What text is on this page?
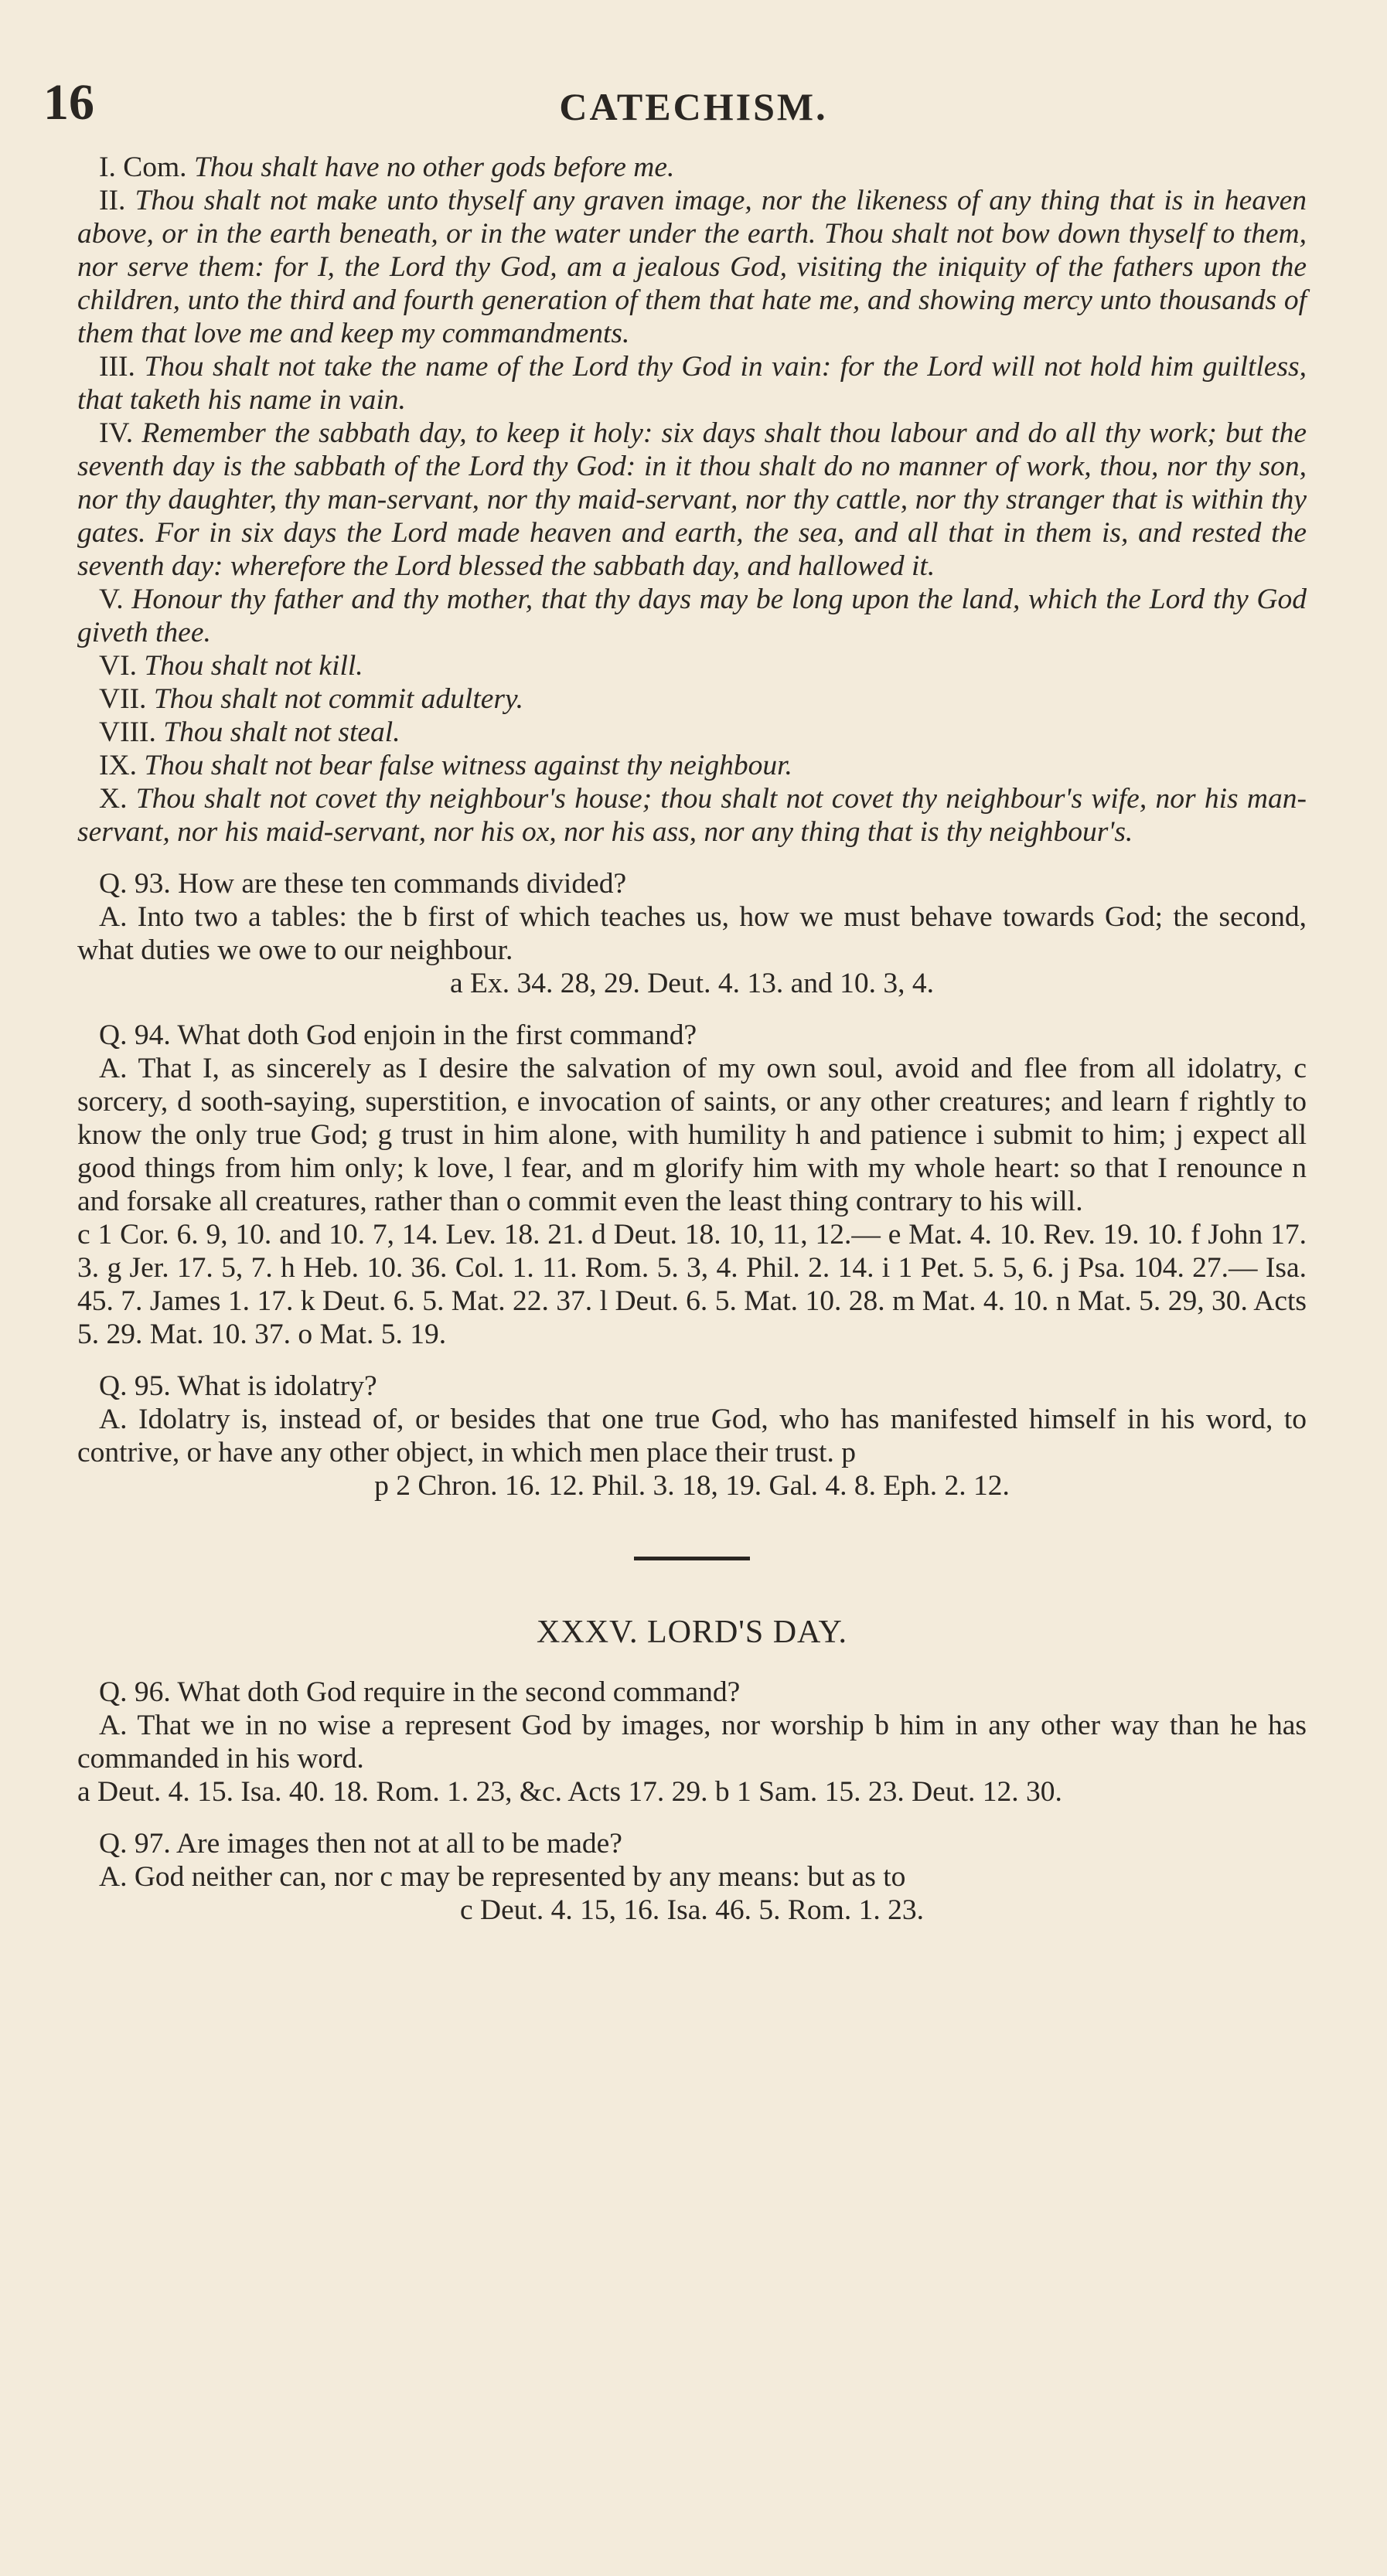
16	CATECHISM.

I. Com. Thou shalt have no other gods before me.

II. Thou shalt not make unto thyself any graven image, nor the likeness of any thing that is in heaven above, or in the earth beneath, or in the water under the earth. Thou shalt not bow down thyself to them, nor serve them: for I, the Lord thy God, am a jealous God, visiting the iniquity of the fathers upon the children, unto the third and fourth generation of them that hate me, and showing mercy unto thousands of them that love me and keep my commandments.

III. Thou shalt not take the name of the Lord thy God in vain: for the Lord will not hold him guiltless, that taketh his name in vain.

IV. Remember the sabbath day, to keep it holy: six days shalt thou labour and do all thy work; but the seventh day is the sabbath of the Lord thy God: in it thou shalt do no manner of work, thou, nor thy son, nor thy daughter, thy man-servant, nor thy maid-servant, nor thy cattle, nor thy stranger that is within thy gates. For in six days the Lord made heaven and earth, the sea, and all that in them is, and rested the seventh day: wherefore the Lord blessed the sabbath day, and hallowed it.

V. Honour thy father and thy mother, that thy days may be long upon the land, which the Lord thy God giveth thee.

VI. Thou shalt not kill.

VII. Thou shalt not commit adultery.

VIII. Thou shalt not steal.

IX. Thou shalt not bear false witness against thy neighbour.

X. Thou shalt not covet thy neighbour's house; thou shalt not covet thy neighbour's wife, nor his man-servant, nor his maid-servant, nor his ox, nor his ass, nor any thing that is thy neighbour's.

Q. 93. How are these ten commands divided?

A. Into two a tables: the b first of which teaches us, how we must behave towards God; the second, what duties we owe to our neighbour.

a Ex. 34. 28, 29. Deut. 4. 13. and 10. 3, 4.

Q. 94. What doth God enjoin in the first command?

A. That I, as sincerely as I desire the salvation of my own soul, avoid and flee from all idolatry, c sorcery, d sooth-saying, superstition, e invocation of saints, or any other creatures; and learn f rightly to know the only true God; g trust in him alone, with humility h and patience i submit to him; j expect all good things from him only; k love, l fear, and m glorify him with my whole heart: so that I renounce n and forsake all creatures, rather than o commit even the least thing contrary to his will.

c 1 Cor. 6. 9, 10. and 10. 7, 14. Lev. 18. 21. d Deut. 18. 10, 11, 12.— e Mat. 4. 10. Rev. 19. 10. f John 17. 3. g Jer. 17. 5, 7. h Heb. 10. 36. Col. 1. 11. Rom. 5. 3, 4. Phil. 2. 14. i 1 Pet. 5. 5, 6. j Psa. 104. 27.— Isa. 45. 7. James 1. 17. k Deut. 6. 5. Mat. 22. 37. l Deut. 6. 5. Mat. 10. 28. m Mat. 4. 10. n Mat. 5. 29, 30. Acts 5. 29. Mat. 10. 37. o Mat. 5. 19.

Q. 95. What is idolatry?

A. Idolatry is, instead of, or besides that one true God, who has manifested himself in his word, to contrive, or have any other object, in which men place their trust. p

p 2 Chron. 16. 12. Phil. 3. 18, 19. Gal. 4. 8. Eph. 2. 12.

XXXV. LORD'S DAY.

Q. 96. What doth God require in the second command?

A. That we in no wise a represent God by images, nor worship b him in any other way than he has commanded in his word.

a Deut. 4. 15. Isa. 40. 18. Rom. 1. 23, &c. Acts 17. 29. b 1 Sam. 15. 23. Deut. 12. 30.

Q. 97. Are images then not at all to be made?

A. God neither can, nor c may be represented by any means: but as to

c Deut. 4. 15, 16. Isa. 46. 5. Rom. 1. 23.
